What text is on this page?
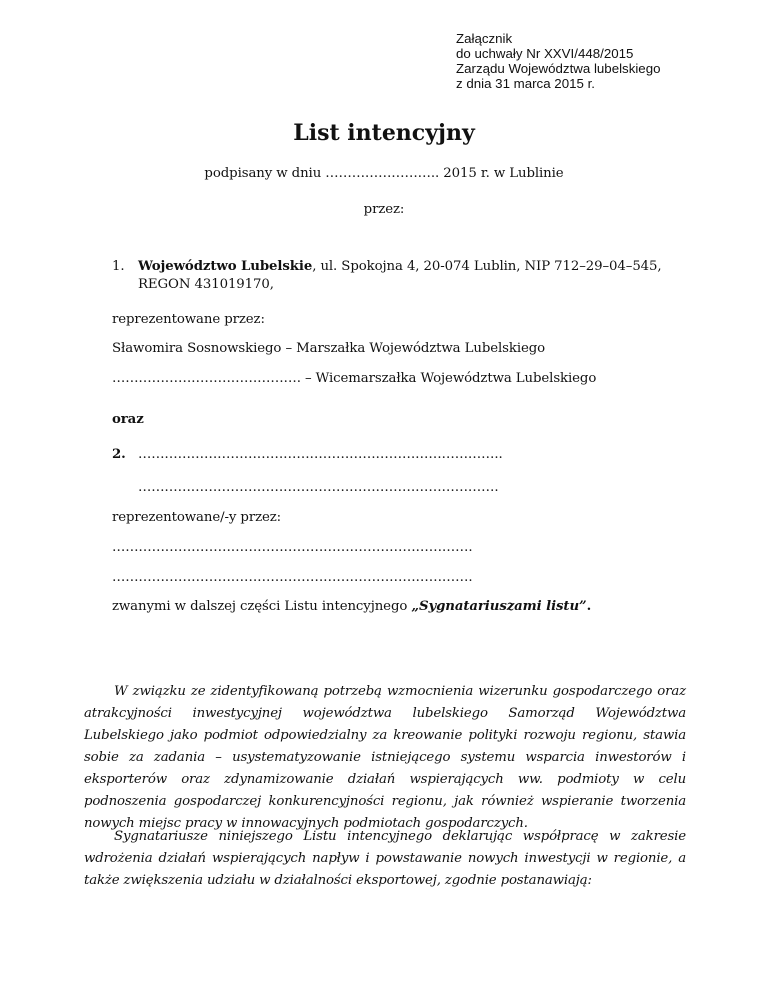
Załącznik
do uchwały Nr XXVI/448/2015
Zarządu Województwa lubelskiego
z dnia 31 marca 2015 r.
List intencyjny
podpisany w dniu …………………….. 2015 r. w Lublinie
przez:
1. Województwo Lubelskie, ul. Spokojna 4, 20-074 Lublin, NIP 712–29–04–545,
REGON 431019170,
reprezentowane przez:
Sławomira Sosnowskiego – Marszałka Województwa Lubelskiego
……………………………………. – Wicemarszałka Województwa Lubelskiego
oraz
2. ………………………………………………………………………..
……………………………………………………………………….
reprezentowane/-y przez:
……………………………………………………………………….
……………………………………………………………………….
zwanymi w dalszej części Listu intencyjnego „Sygnatariuszami listu”.
W związku ze zidentyfikowaną potrzebą wzmocnienia wizerunku gospodarczego oraz atrakcyjności inwestycyjnej województwa lubelskiego Samorząd Województwa Lubelskiego jako podmiot odpowiedzialny za kreowanie polityki rozwoju regionu, stawia sobie za zadania – usystematyzowanie istniejącego systemu wsparcia inwestorów i eksporterów oraz zdynamizowanie działań wspierających ww. podmioty w celu podnoszenia gospodarczej konkurencyjności regionu, jak również wspieranie tworzenia nowych miejsc pracy w innowacyjnych podmiotach gospodarczych.
Sygnatariusze niniejszego Listu intencyjnego deklarując współpracę w zakresie wdrożenia działań wspierających napływ i powstawanie nowych inwestycji w regionie, a także zwiększenia udziału w działalności eksportowej, zgodnie postanawiają:
